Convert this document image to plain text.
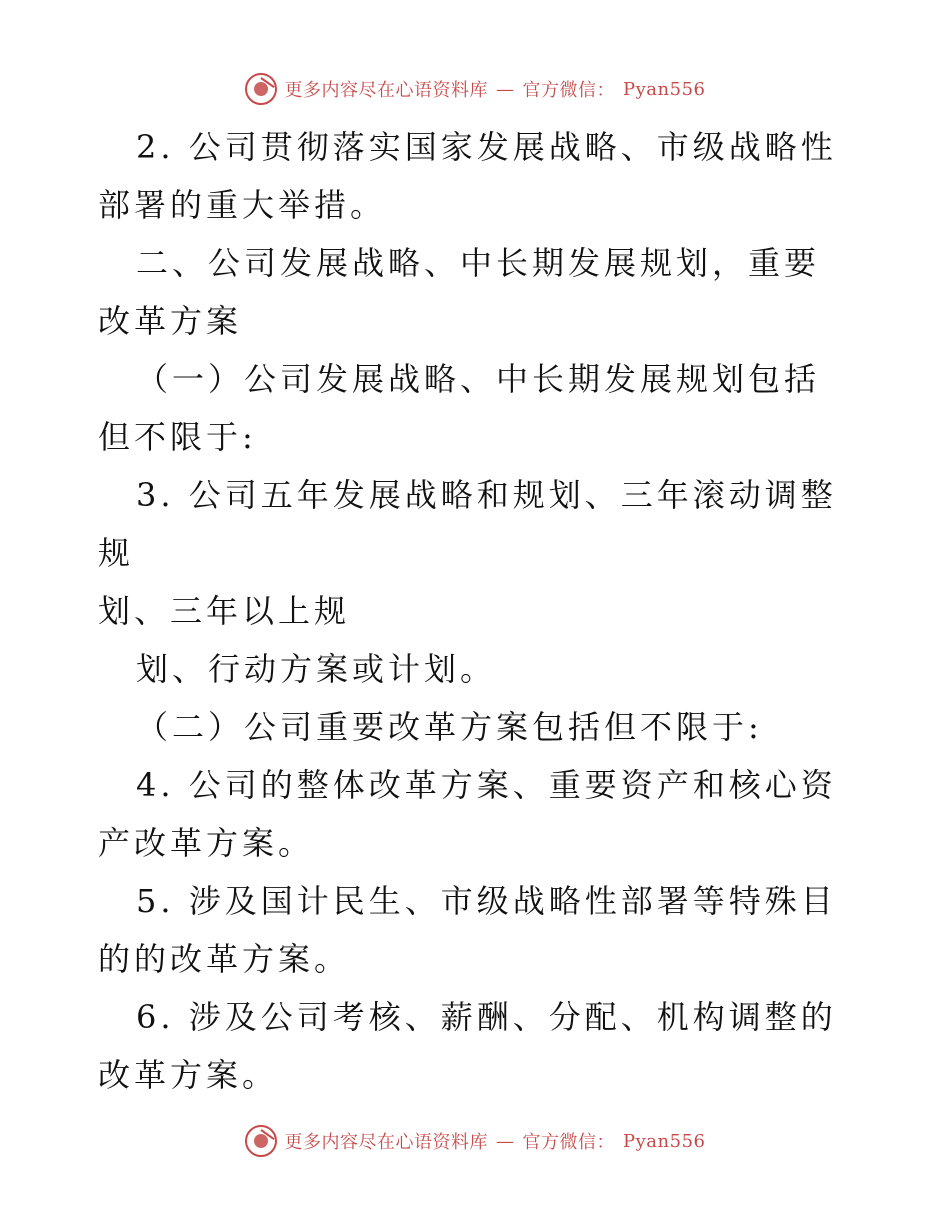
更多内容尽在心语资料库 — 官方微信： Pyan556

2. 公司贯彻落实国家发展战略、市级战略性部署的重大举措。

二、公司发展战略、中长期发展规划，重要改革方案

（一）公司发展战略、中长期发展规划包括但不限于:

3. 公司五年发展战略和规划、三年滚动调整规

划、三年以上规

划、行动方案或计划。

（二）公司重要改革方案包括但不限于:

4. 公司的整体改革方案、重要资产和核心资产改革方案。

5. 涉及国计民生、市级战略性部署等特殊目的的改革方案。

6. 涉及公司考核、薪酬、分配、机构调整的改革方案。

更多内容尽在心语资料库 — 官方微信： Pyan556
